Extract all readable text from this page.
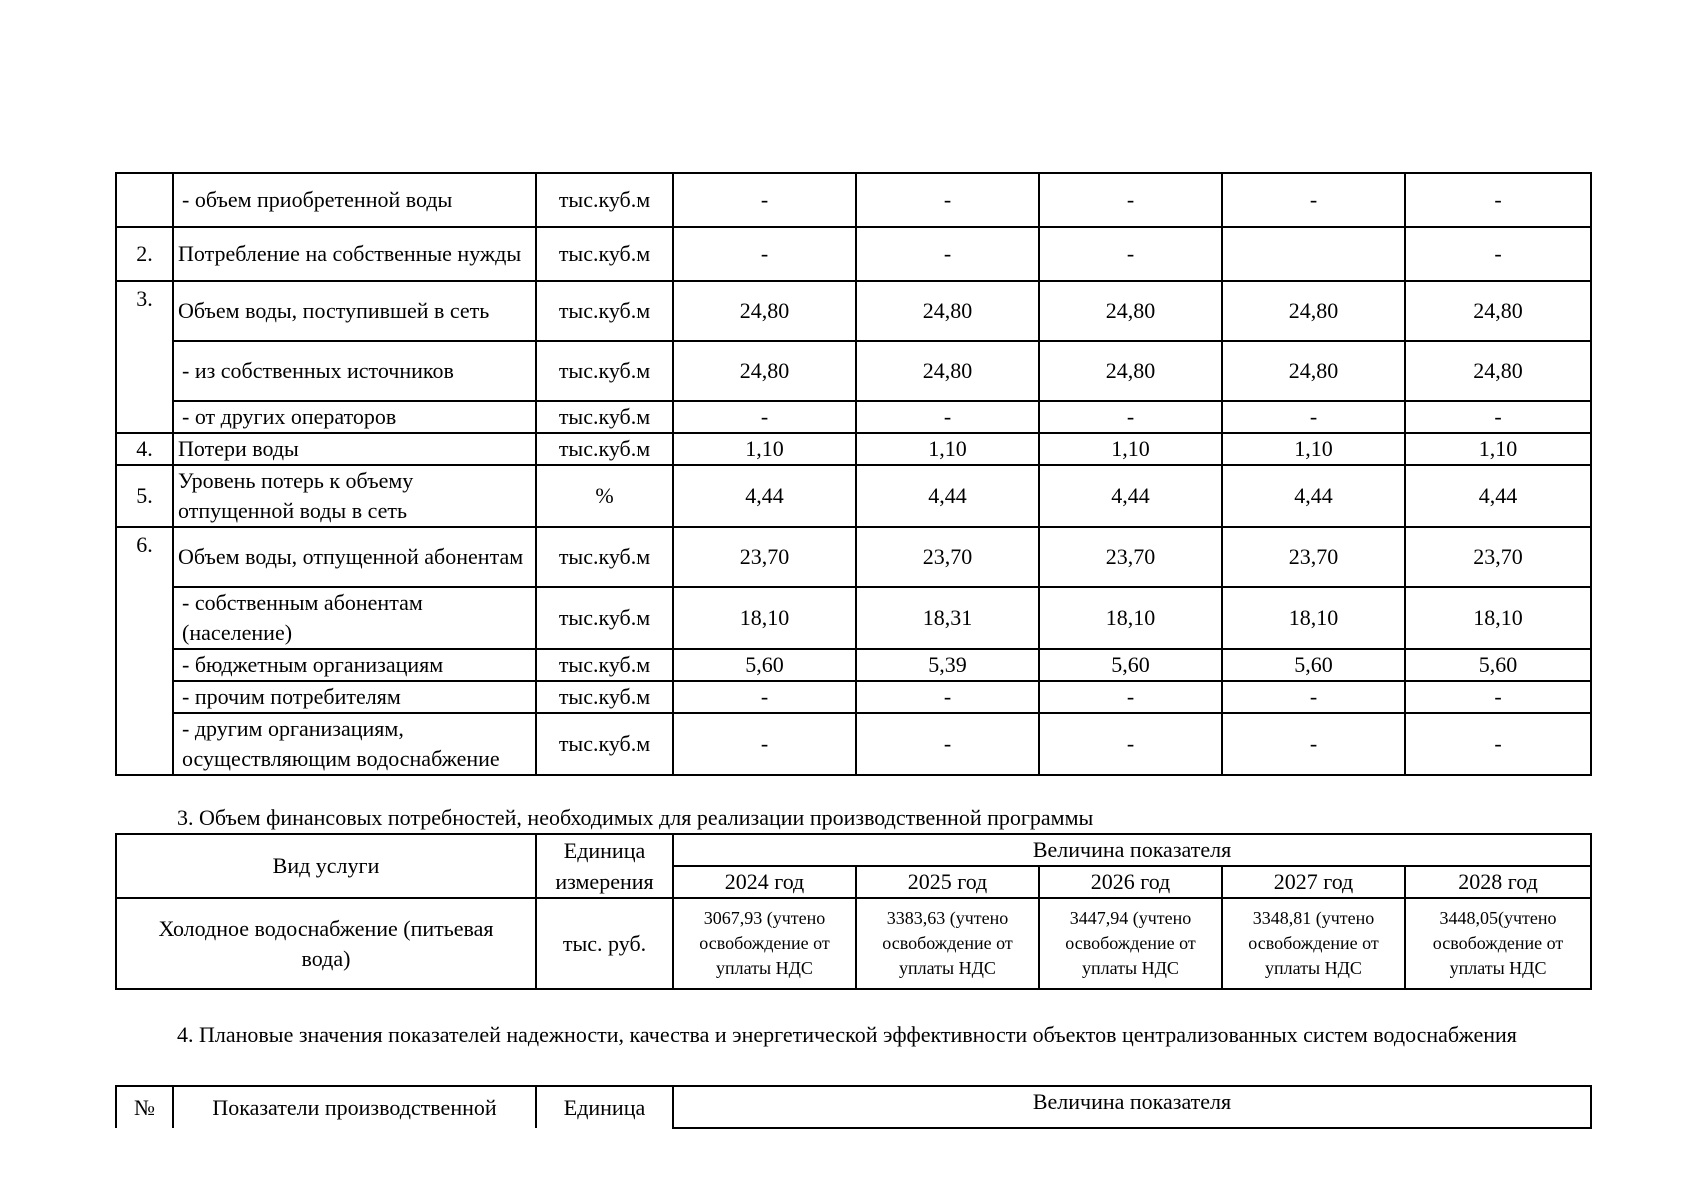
	- объем приобретенной воды	тыс.куб.м	-	-	-	-	-
2.	Потребление на собственные нужды	тыс.куб.м	-	-	-		-
3.	Объем воды, поступившей в сеть	тыс.куб.м	24,80	24,80	24,80	24,80	24,80
	- из собственных источников	тыс.куб.м	24,80	24,80	24,80	24,80	24,80
	- от других операторов	тыс.куб.м	-	-	-	-	-
4.	Потери воды	тыс.куб.м	1,10	1,10	1,10	1,10	1,10
5.	Уровень потерь к объему отпущенной воды в сеть	%	4,44	4,44	4,44	4,44	4,44
6.	Объем воды, отпущенной абонентам	тыс.куб.м	23,70	23,70	23,70	23,70	23,70
	- собственным абонентам (население)	тыс.куб.м	18,10	18,31	18,10	18,10	18,10
	- бюджетным организациям	тыс.куб.м	5,60	5,39	5,60	5,60	5,60
	- прочим потребителям	тыс.куб.м	-	-	-	-	-
	- другим организациям, осуществляющим водоснабжение	тыс.куб.м	-	-	-	-	-

3. Объем финансовых потребностей, необходимых для реализации производственной программы

Вид услуги	Единица	Величина показателя				
	измерения	2024 год	2025 год	2026 год	2027 год	2028 год
Холодное водоснабжение (питьевая вода)	тыс. руб.	3067,93 (учтено освобождение от уплаты НДС	3383,63 (учтено освобождение от уплаты НДС	3447,94 (учтено освобождение от уплаты НДС	3348,81 (учтено освобождение от уплаты НДС	3448,05(учтено освобождение от уплаты НДС

4. Плановые значения показателей надежности, качества и энергетической эффективности объектов централизованных систем водоснабжения

№	Показатели производственной	Единица	Величина показателя
